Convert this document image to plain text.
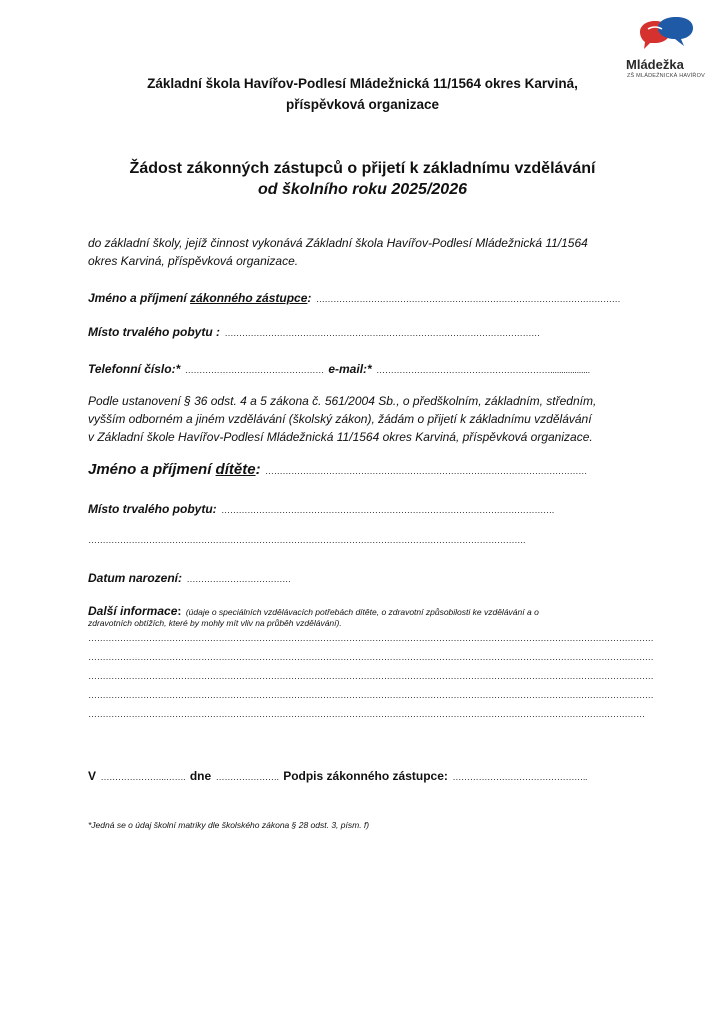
Mládežka
ZŠ MLÁDEŽNICKÁ HAVÍŘOV
Základní škola Havířov-Podlesí Mládežnická 11/1564 okres Karviná,
příspěvková organizace
Žádost zákonných zástupců o přijetí k základnímu vzdělávání
od školního roku 2025/2026
do základní školy, jejíž činnost vykonává Základní škola Havířov-Podlesí Mládežnická 11/1564
okres Karviná, příspěvková organizace.
Jméno a příjmení zákonného zástupce: ……………………………………………………………………………………………
Místo trvalého pobytu : ……………………………………………….………………………………………………
Telefonní číslo:* ………………………………………… e-mail:* ……………………………………………………..................
Podle ustanovení § 36 odst. 4 a 5 zákona č. 561/2004 Sb., o předškolním, základním, středním,
vyšším odborném a jiném vzdělávání (školský zákon), žádám o přijetí k základnímu vzdělávání
v Základní škole Havířov-Podlesí Mládežnická 11/1564 okres Karviná, příspěvková organizace.
Jméno a příjmení dítěte: …………………………………………………………………………………………………
Místo trvalého pobytu: …………………………………………………………………………………………………….
…………………………………………………………………………………………………………………………………….
Datum narození: ………………………………
Další informace: (údaje o speciálních vzdělávacích potřebách dítěte, o zdravotní způsobilosti ke vzdělávání a o
zdravotních obtížích, které by mohly mít vliv na průběh vzdělávání).
……………………………………………………………………………………………………………………………………………………………………………
……………………………………………………………………………………………………………………………………………………………………………
……………………………………………………………………………………………………………………………………………………………………………
……………………………………………………………………………………………………………………………………………………………………………
…………………………………………………………………………………………………………………………………………………………………………
V …………………..……. dne …………………. Podpis zákonného zástupce: ………………………………………..
*Jedná se o údaj školní matriky dle školského zákona § 28 odst. 3, písm. f)
